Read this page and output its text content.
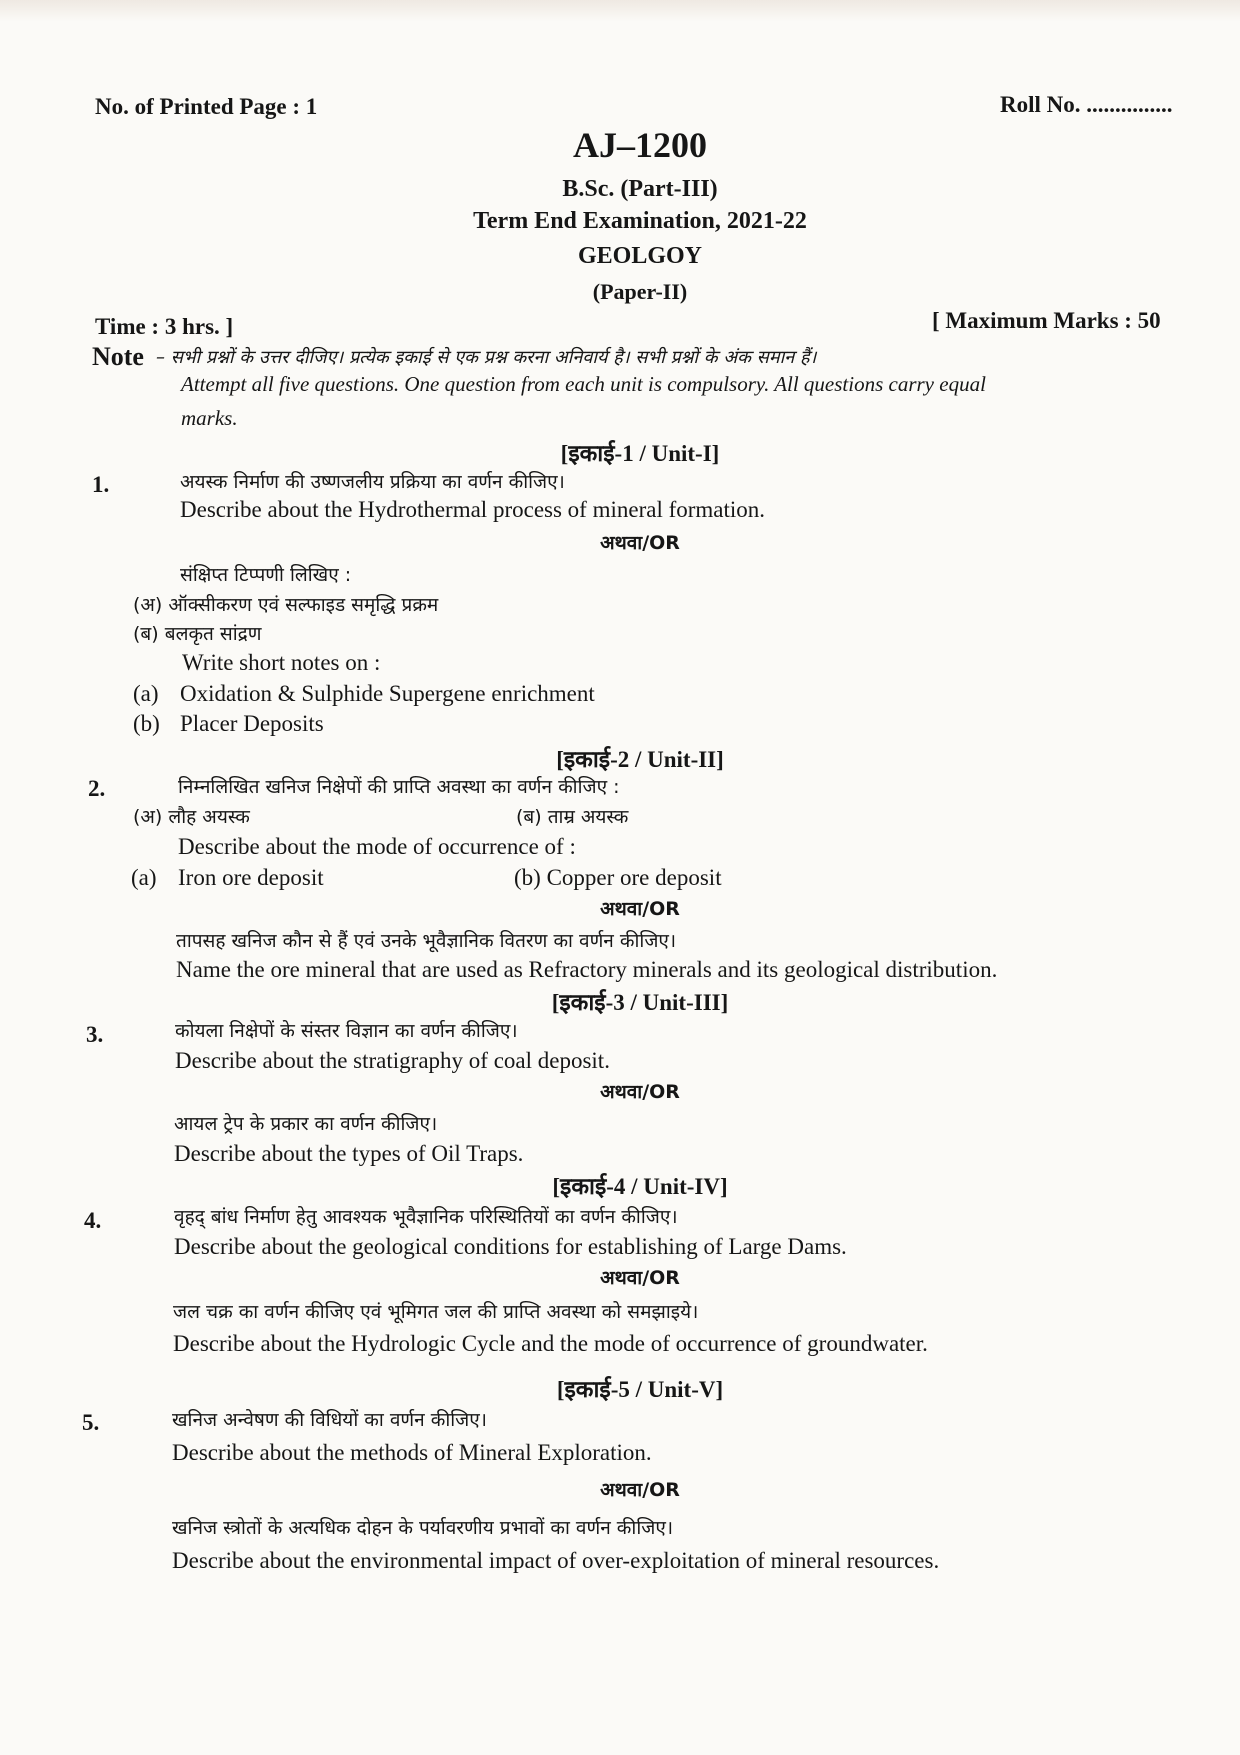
No. of Printed Page : 1	Roll No. ...............
AJ–1200
B.Sc. (Part-III)
Term End Examination, 2021-22
GEOLGOY
(Paper-II)
Time : 3 hrs. ]	[ Maximum Marks : 50
Note – सभी प्रश्नों के उत्तर दीजिए। प्रत्येक इकाई से एक प्रश्न करना अनिवार्य है। सभी प्रश्नों के अंक समान हैं।
Attempt all five questions. One question from each unit is compulsory. All questions carry equal
marks.
[इकाई-1 / Unit-I]
1.	अयस्क निर्माण की उष्णजलीय प्रक्रिया का वर्णन कीजिए।
Describe about the Hydrothermal process of mineral formation.
अथवा/OR
संक्षिप्त टिप्पणी लिखिए :
(अ) ऑक्सीकरण एवं सल्फाइड समृद्धि प्रक्रम
(ब) बलकृत सांद्रण
Write short notes on :
(a) Oxidation & Sulphide Supergene enrichment
(b) Placer Deposits
[इकाई-2 / Unit-II]
2.	निम्नलिखित खनिज निक्षेपों की प्राप्ति अवस्था का वर्णन कीजिए :
(अ) लौह अयस्क	(ब) ताम्र अयस्क
Describe about the mode of occurrence of :
(a) Iron ore deposit	(b) Copper ore deposit
अथवा/OR
तापसह खनिज कौन से हैं एवं उनके भूवैज्ञानिक वितरण का वर्णन कीजिए।
Name the ore mineral that are used as Refractory minerals and its geological distribution.
[इकाई-3 / Unit-III]
3.	कोयला निक्षेपों के संस्तर विज्ञान का वर्णन कीजिए।
Describe about the stratigraphy of coal deposit.
अथवा/OR
आयल ट्रेप के प्रकार का वर्णन कीजिए।
Describe about the types of Oil Traps.
[इकाई-4 / Unit-IV]
4.	वृहद् बांध निर्माण हेतु आवश्यक भूवैज्ञानिक परिस्थितियों का वर्णन कीजिए।
Describe about the geological conditions for establishing of Large Dams.
अथवा/OR
जल चक्र का वर्णन कीजिए एवं भूमिगत जल की प्राप्ति अवस्था को समझाइये।
Describe about the Hydrologic Cycle and the mode of occurrence of groundwater.
[इकाई-5 / Unit-V]
5.	खनिज अन्वेषण की विधियों का वर्णन कीजिए।
Describe about the methods of Mineral Exploration.
अथवा/OR
खनिज स्त्रोतों के अत्यधिक दोहन के पर्यावरणीय प्रभावों का वर्णन कीजिए।
Describe about the environmental impact of over-exploitation of mineral resources.
